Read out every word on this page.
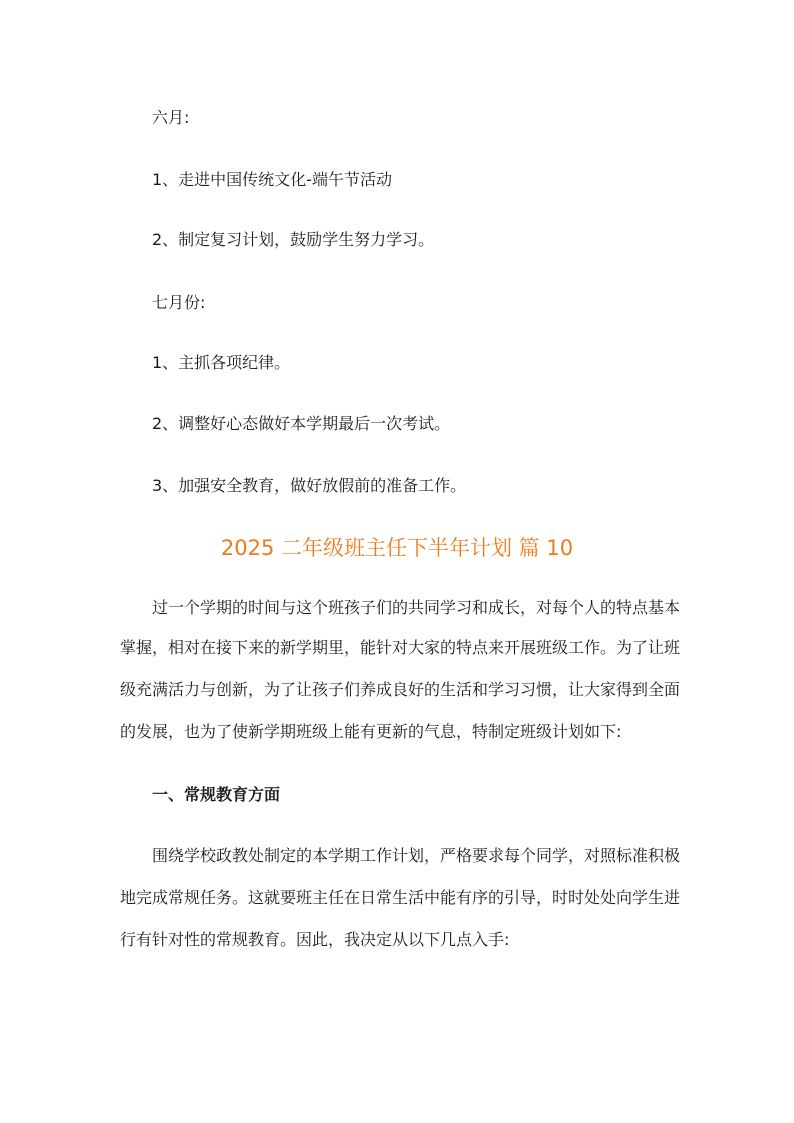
六月:
1、走进中国传统文化-端午节活动
2、制定复习计划，鼓励学生努力学习。
七月份:
1、主抓各项纪律。
2、调整好心态做好本学期最后一次考试。
3、加强安全教育，做好放假前的准备工作。
2025 二年级班主任下半年计划 篇 10
过一个学期的时间与这个班孩子们的共同学习和成长，对每个人的特点基本
掌握，相对在接下来的新学期里，能针对大家的特点来开展班级工作。为了让班
级充满活力与创新，为了让孩子们养成良好的生活和学习习惯，让大家得到全面
的发展，也为了使新学期班级上能有更新的气息，特制定班级计划如下:
一、常规教育方面
围绕学校政教处制定的本学期工作计划，严格要求每个同学，对照标准积极
地完成常规任务。这就要班主任在日常生活中能有序的引导，时时处处向学生进
行有针对性的常规教育。因此，我决定从以下几点入手:
